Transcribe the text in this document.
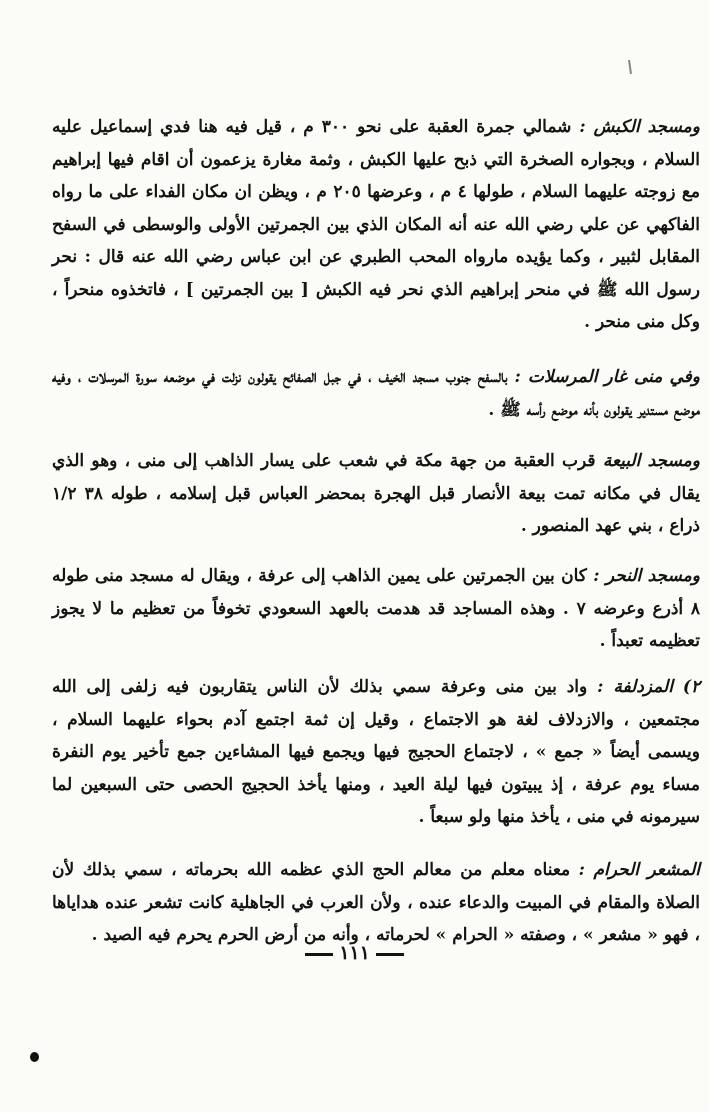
ومسجد الكبش : شمالي جمرة العقبة على نحو ٣٠٠ م ، قيل فيه هنا فدي إسماعيل عليه السلام ، وبجواره الصخرة التي ذبح عليها الكبش ، وثمة مغارة يزعمون أن اقام فيها إبراهيم مع زوجته عليهما السلام ، طولها ٤ م ، وعرضها ٢٠٥ م ، ويظن ان مكان الفداء على ما رواه الفاكهي عن علي رضي الله عنه أنه المكان الذي بين الجمرتين الأولى والوسطى في السفح المقابل لثبير ، وكما يؤيده مارواه المحب الطبري عن ابن عباس رضي الله عنه قال : نحر رسول الله ﷺ في منحر إبراهيم الذي نحر فيه الكبش [ بين الجمرتين ] ، فاتخذوه منحراً ، وكل منى منحر .

وفي منى غار المرسلات : بالسفح جنوب مسجد الخيف ، في جبل الصفائح يقولون نزلت في موضعه سورة المرسلات ، وفيه موضع مستدير يقولون بأنه موضع رأسه ﷺ .

ومسجد البيعة قرب العقبة من جهة مكة في شعب على يسار الذاهب إلى منى ، وهو الذي يقال في مكانه تمت بيعة الأنصار قبل الهجرة بمحضر العباس قبل إسلامه ، طوله ٣٨ ١/٢ ذراع ، بني عهد المنصور .

ومسجد النحر : كان بين الجمرتين على يمين الذاهب إلى عرفة ، ويقال له مسجد منى طوله ٨ أذرع وعرضه ٧ . وهذه المساجد قد هدمت بالعهد السعودي تخوفاً من تعظيم ما لا يجوز تعظيمه تعبداً .

٢) المزدلفة : واد بين منى وعرفة سمي بذلك لأن الناس يتقاربون فيه زلفى إلى الله مجتمعين ، والازدلاف لغة هو الاجتماع ، وقيل إن ثمة اجتمع آدم بحواء عليهما السلام ، ويسمى أيضاً « جمع » ، لاجتماع الحجيج فيها ويجمع فيها المشاءين جمع تأخير يوم النفرة مساء يوم عرفة ، إذ يبيتون فيها ليلة العيد ، ومنها يأخذ الحجيج الحصى حتى السبعين لما سيرمونه في منى ، يأخذ منها ولو سبعاً .

المشعر الحرام : معناه معلم من معالم الحج الذي عظمه الله بحرماته ، سمي بذلك لأن الصلاة والمقام في المبيت والدعاء عنده ، ولأن العرب في الجاهلية كانت تشعر عنده هداياها ، فهو « مشعر » ، وصفته « الحرام » لحرماته ، وأنه من أرض الحرم يحرم فيه الصيد .

١١١
